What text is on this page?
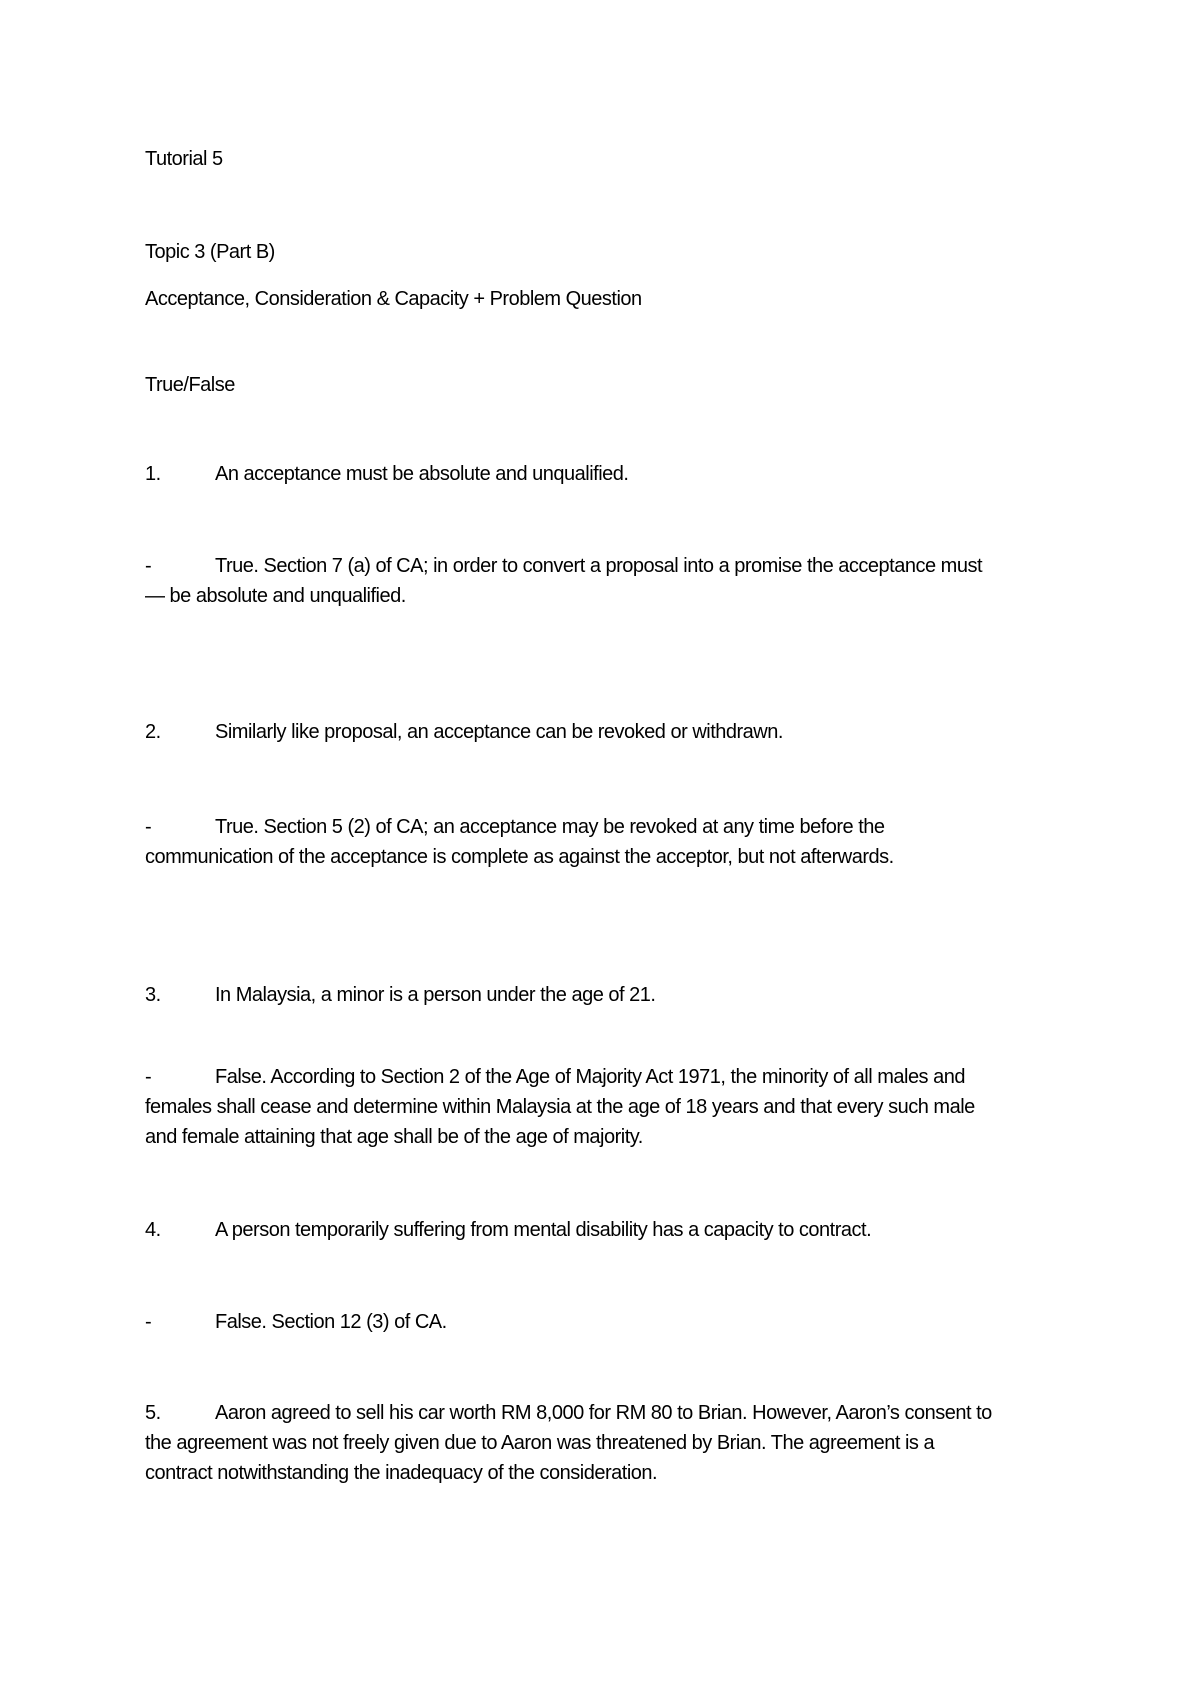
Tutorial 5
Topic 3 (Part B)
Acceptance, Consideration & Capacity + Problem Question
True/False
1.	An acceptance must be absolute and unqualified.
-	True. Section 7 (a) of CA; in order to convert a proposal into a promise the acceptance must
— be absolute and unqualified.
2.	Similarly like proposal, an acceptance can be revoked or withdrawn.
-	True. Section 5 (2) of CA; an acceptance may be revoked at any time before the
communication of the acceptance is complete as against the acceptor, but not afterwards.
3.	In Malaysia, a minor is a person under the age of 21.
-	False. According to Section 2 of the Age of Majority Act 1971, the minority of all males and
females shall cease and determine within Malaysia at the age of 18 years and that every such male
and female attaining that age shall be of the age of majority.
4.	A person temporarily suffering from mental disability has a capacity to contract.
-	False. Section 12 (3) of CA.
5.	Aaron agreed to sell his car worth RM 8,000 for RM 80 to Brian. However, Aaron’s consent to
the agreement was not freely given due to Aaron was threatened by Brian. The agreement is a
contract notwithstanding the inadequacy of the consideration.
